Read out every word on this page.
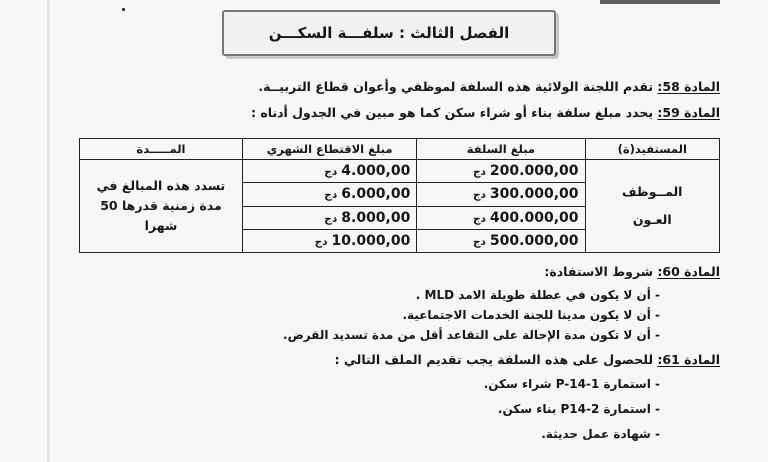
الفصل الثالث : سلفـــة السكـــن
المادة 58: تقدم اللجنة الولائية هذه السلفة لموظفي وأعوان قطاع التربيــة.
المادة 59: يحدد مبلغ سلفة بناء أو شراء سكن كما هو مبين في الجدول أدناه :
المستفيد(ة)	مبلغ السلفة	مبلغ الاقتطاع الشهري	المـــــدة

المــوظف
العـون	200.000,00دج	4.000,00دج	تسدد هذه المبالغ في مدة زمنية قدرها 50 شهرا
	300.000,00دج	6.000,00دج	
	400.000,00دج	8.000,00دج	
	500.000,00دج	10.000,00دج	
المادة 60: شروط الاستفادة:
- أن لا يكون في عطلة طويلة الامد MLD .
- أن لا يكون مدينا للجنة الخدمات الاجتماعية.
- أن لا تكون مدة الإحالة على التقاعد أقل من مدة تسديد القرض.
المادة 61: للحصول على هذه السلفة يجب تقديم الملف التالي :
- استمارة P-14-1 شراء سكن.
- استمارة P14-2 بناء سكن.
- شهادة عمل حديثة.
